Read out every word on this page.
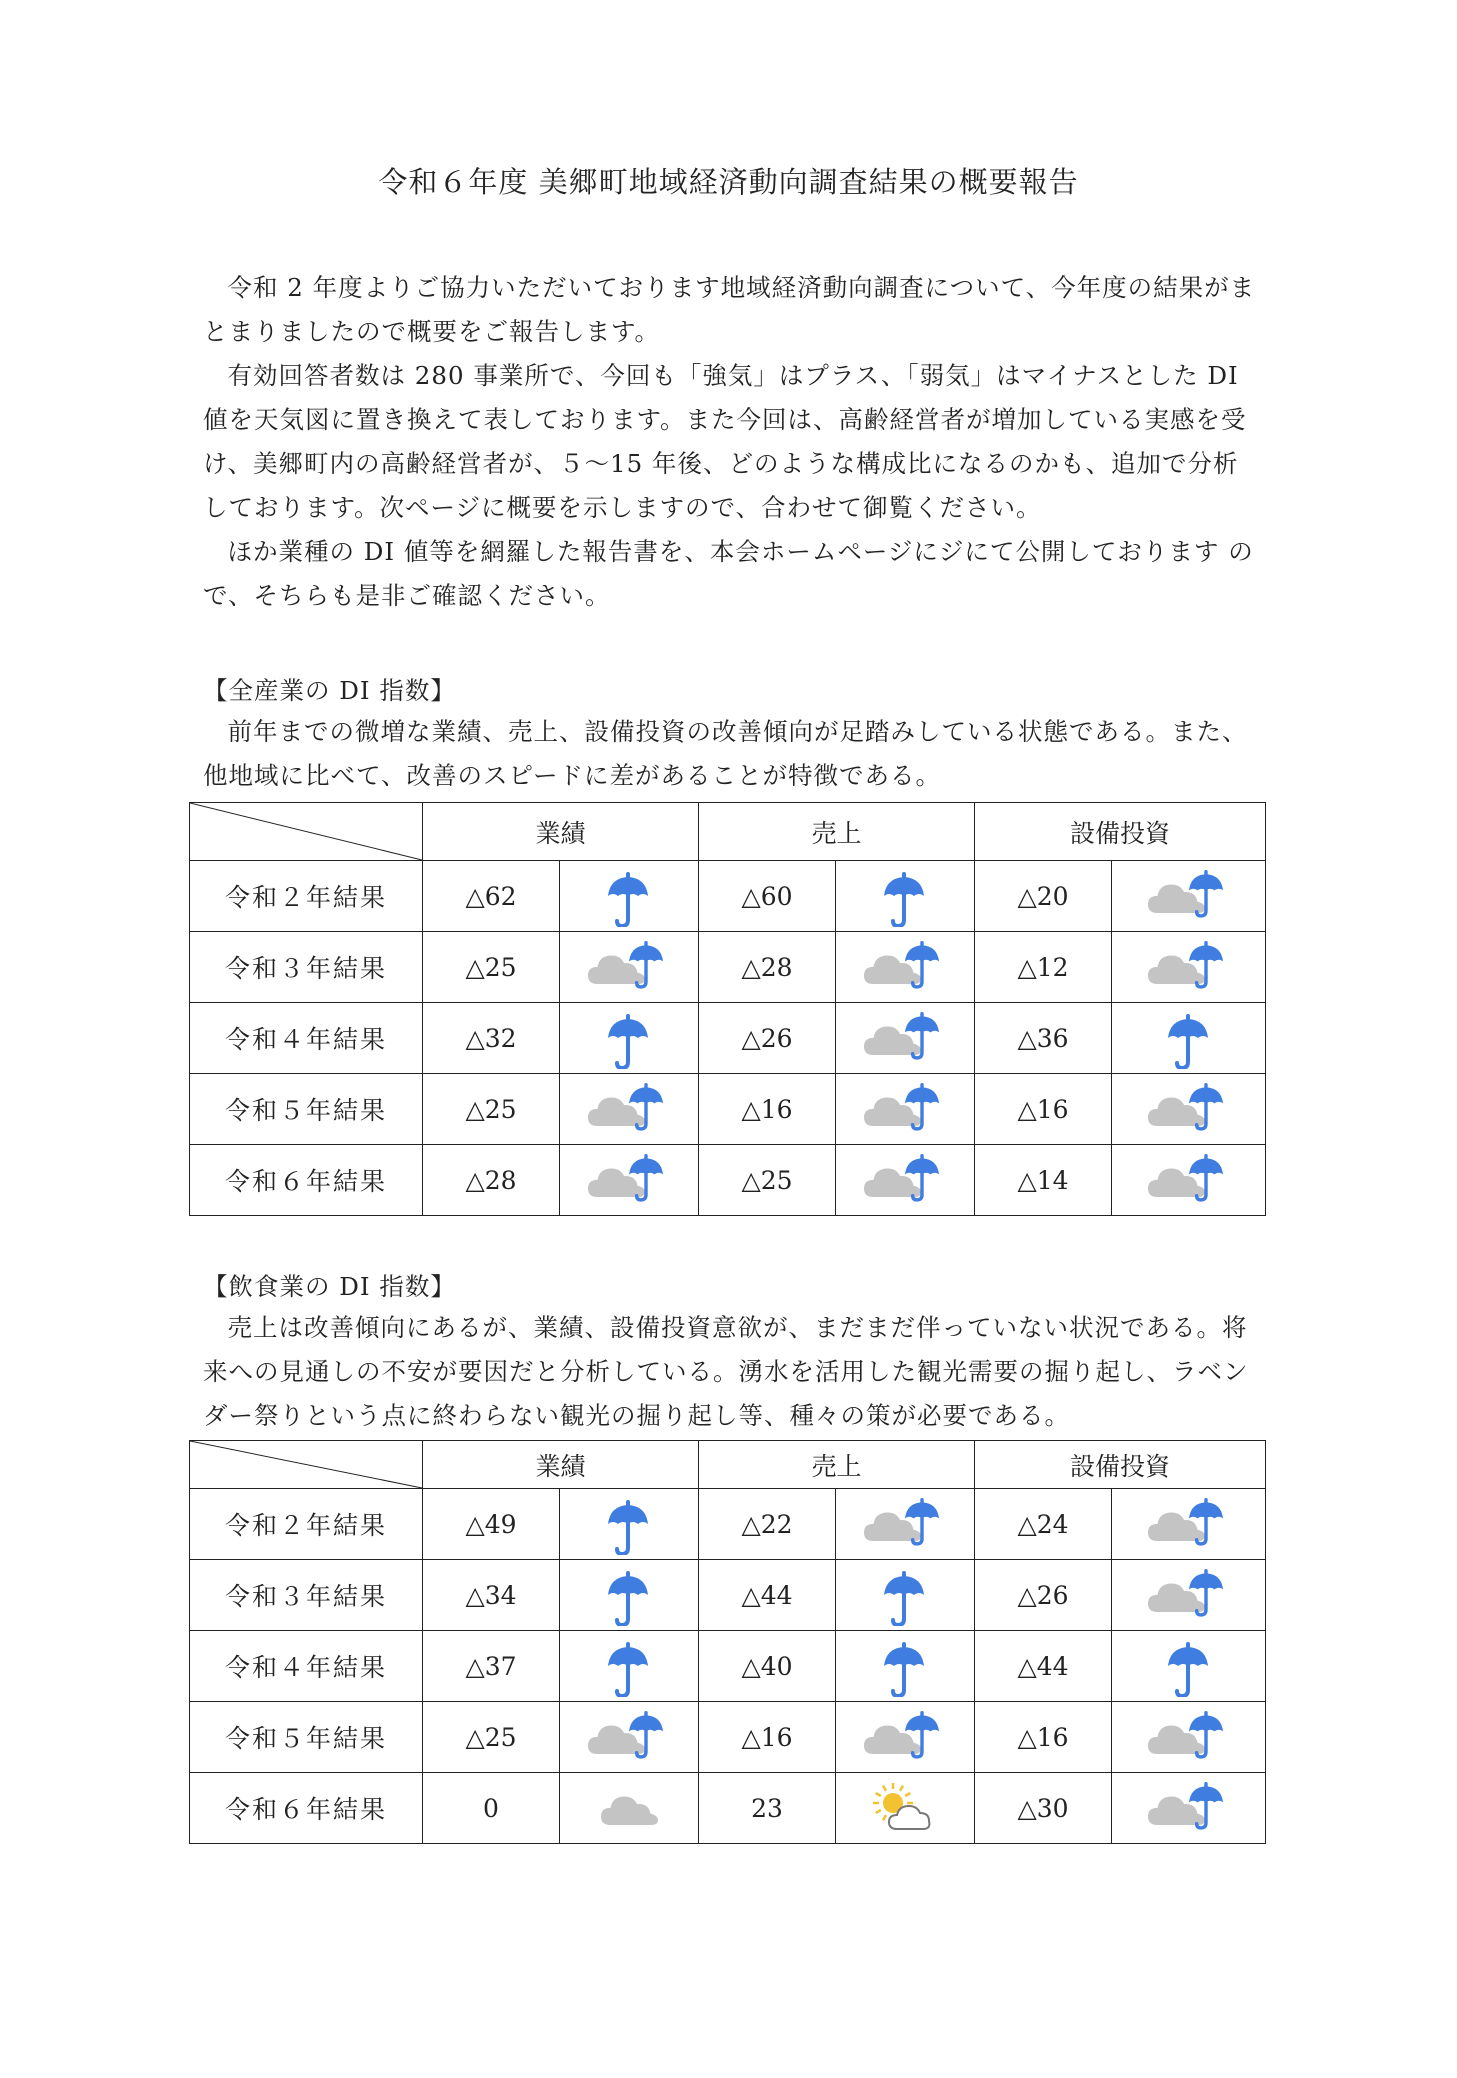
令和６年度 美郷町地域経済動向調査結果の概要報告

令和 2 年度よりご協力いただいております地域経済動向調査について、今年度の結果がまとまりましたので概要をご報告します。

有効回答者数は 280 事業所で、今回も「強気」はプラス、「弱気」はマイナスとした DI 値を天気図に置き換えて表しております。また今回は、高齢経営者が増加している実感を受け、美郷町内の高齢経営者が、５～15 年後、どのような構成比になるのかも、追加で分析しております。次ページに概要を示しますので、合わせて御覧ください。

ほか業種の DI 値等を網羅した報告書を、本会ホームページにジにて公開しております ので、そちらも是非ご確認ください。

【全産業の DI 指数】

前年までの微増な業績、売上、設備投資の改善傾向が足踏みしている状態である。また、他地域に比べて、改善のスピードに差があることが特徴である。

	業績		売上		設備投資	
令和２年結果	△62		△60		△20	

令和３年結果	△25		△28		△12	

令和４年結果	△32		△26		△36	

令和５年結果	△25		△16		△16	

令和６年結果	△28		△25		△14	
【飲食業の DI 指数】

売上は改善傾向にあるが、業績、設備投資意欲が、まだまだ伴っていない状況である。将来への見通しの不安が要因だと分析している。湧水を活用した観光需要の掘り起し、ラベンダー祭りという点に終わらない観光の掘り起し等、種々の策が必要である。

	業績		売上		設備投資	
令和２年結果	△49		△22		△24	

令和３年結果	△34		△44		△26	

令和４年結果	△37		△40		△44	

令和５年結果	△25		△16		△16	

令和６年結果	0		23		△30	
